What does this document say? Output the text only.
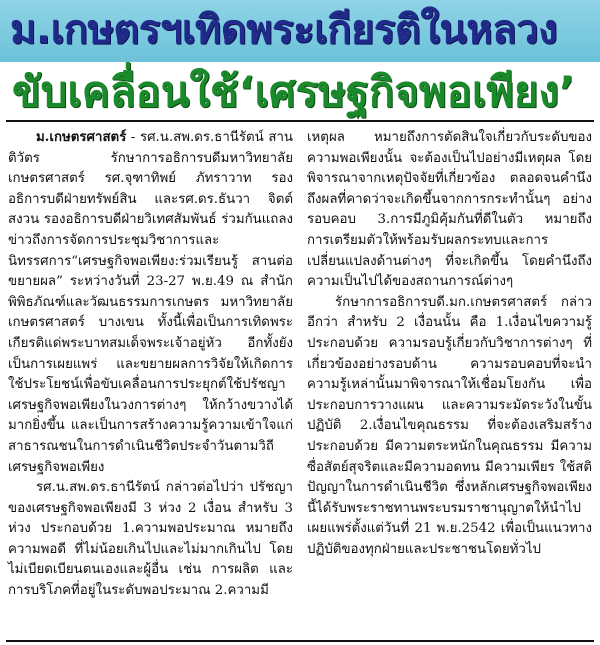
ม.เกษตรฯเทิดพระเกียรติในหลวง
ขับเคลื่อนใช้‘เศรษฐกิจพอเพียง’

ม.เกษตรศาสตร์ - รศ.น.สพ.ดร.ธานีรัตน์ สานติวัตร รักษาการอธิการบดีมหาวิทยาลัยเกษตรศาสตร์ รศ.จุฑาทิพย์ ภัทราวาท รองอธิการบดีฝ่ายทรัพย์สิน และรศ.ดร.ธันวา จิตต์สงวน รองอธิการบดีฝ่ายวิเทศสัมพันธ์ ร่วมกันแถลงข่าวถึงการจัดการประชุมวิชาการและนิทรรศการ“เศรษฐกิจพอเพียง:ร่วมเรียนรู้ สานต่อ ขยายผล” ระหว่างวันที่ 23-27 พ.ย.49 ณ สำนักพิพิธภัณฑ์และวัฒนธรรมการเกษตร มหาวิทยาลัยเกษตรศาสตร์ บางเขน ทั้งนี้เพื่อเป็นการเทิดพระเกียรติแด่พระบาทสมเด็จพระเจ้าอยู่หัว อีกทั้งยังเป็นการเผยแพร่ และขยายผลการวิจัยให้เกิดการใช้ประโยชน์เพื่อขับเคลื่อนการประยุกต์ใช้ปรัชญาเศรษฐกิจพอเพียงในวงการต่างๆ ให้กว้างขวางได้มากยิ่งขึ้น และเป็นการสร้างความรู้ความเข้าใจแก่สาธารณชนในการดำเนินชีวิตประจำวันตามวิถีเศรษฐกิจพอเพียง

รศ.น.สพ.ดร.ธานีรัตน์ กล่าวต่อไปว่า ปรัชญาของเศรษฐกิจพอเพียงมี 3 ห่วง 2 เงื่อน สำหรับ 3 ห่วง ประกอบด้วย 1.ความพอประมาณ หมายถึงความพอดี ที่ไม่น้อยเกินไปและไม่มากเกินไป โดยไม่เบียดเบียนตนเองและผู้อื่น เช่น การผลิต และการบริโภคที่อยู่ในระดับพอประมาณ 2.ความมี

เหตุผล หมายถึงการตัดสินใจเกี่ยวกับระดับของความพอเพียงนั้น จะต้องเป็นไปอย่างมีเหตุผล โดยพิจารณาจากเหตุปัจจัยที่เกี่ยวข้อง ตลอดจนคำนึงถึงผลที่คาดว่าจะเกิดขึ้นจากการกระทำนั้นๆ อย่างรอบคอบ 3.การมีภูมิคุ้มกันที่ดีในตัว หมายถึงการเตรียมตัวให้พร้อมรับผลกระทบและการเปลี่ยนแปลงด้านต่างๆ ที่จะเกิดขึ้น โดยคำนึงถึงความเป็นไปได้ของสถานการณ์ต่างๆ

รักษาการอธิการบดี.มก.เกษตรศาสตร์ กล่าวอีกว่า สำหรับ 2 เงื่อนนั้น คือ 1.เงื่อนไขความรู้ ประกอบด้วย ความรอบรู้เกี่ยวกับวิชาการต่างๆ ที่เกี่ยวข้องอย่างรอบด้าน ความรอบคอบที่จะนำความรู้เหล่านั้นมาพิจารณาให้เชื่อมโยงกัน เพื่อประกอบการวางแผน และความระมัดระวังในขั้นปฏิบัติ 2.เงื่อนไขคุณธรรม ที่จะต้องเสริมสร้างประกอบด้วย มีความตระหนักในคุณธรรม มีความซื่อสัตย์สุจริตและมีความอดทน มีความเพียร ใช้สติปัญญาในการดำเนินชีวิต ซึ่งหลักเศรษฐกิจพอเพียงนี้ได้รับพระราชทานพระบรมราชานุญาตให้นำไปเผยแพร่ตั้งแต่วันที่ 21 พ.ย.2542 เพื่อเป็นแนวทางปฏิบัติของทุกฝ่ายและประชาชนโดยทั่วไป
